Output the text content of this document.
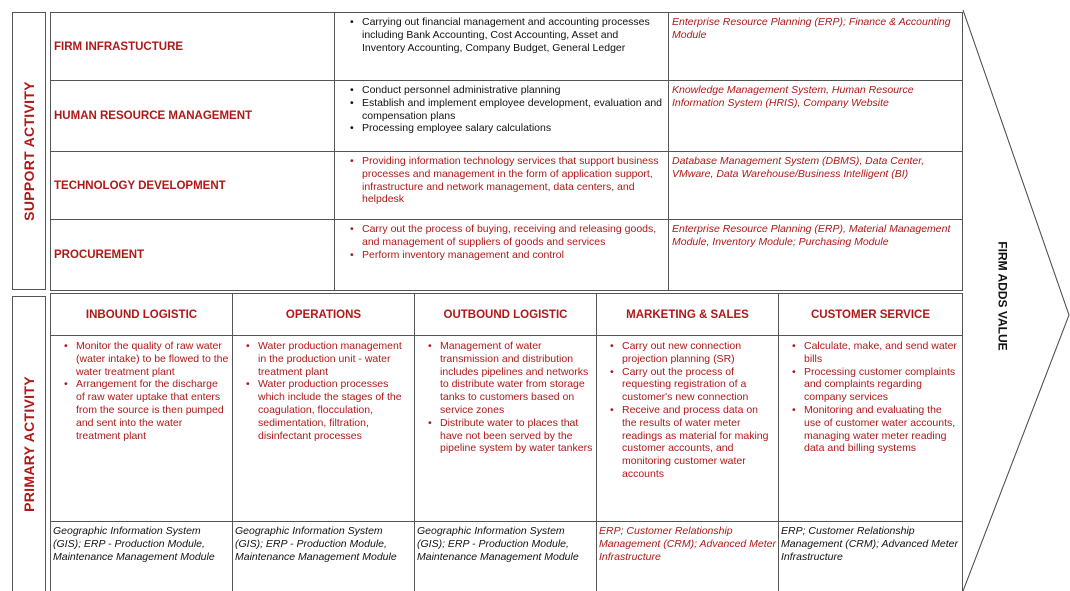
SUPPORT ACTIVITY
PRIMARY ACTIVITY
FIRM INFRASTUCTURE
• Carrying out financial management and accounting processes including Bank Accounting, Cost Accounting, Asset and Inventory Accounting, Company Budget, General Ledger
Enterprise Resource Planning (ERP); Finance & Accounting Module
HUMAN RESOURCE MANAGEMENT
• Conduct personnel administrative planning
• Establish and implement employee development, evaluation and compensation plans
• Processing employee salary calculations
Knowledge Management System, Human Resource Information System (HRIS), Company Website
TECHNOLOGY DEVELOPMENT
• Providing information technology services that support business processes and management in the form of application support, infrastructure and network management, data centers, and helpdesk
Database Management System (DBMS), Data Center, VMware, Data Warehouse/Business Intelligent (BI)
PROCUREMENT
• Carry out the process of buying, receiving and releasing goods, and management of suppliers of goods and services
• Perform inventory management and control
Enterprise Resource Planning (ERP), Material Management Module, Inventory Module; Purchasing Module
INBOUND LOGISTIC
• Monitor the quality of raw water (water intake) to be flowed to the water treatment plant
• Arrangement for the discharge of raw water uptake that enters from the source is then pumped and sent into the water treatment plant
Geographic Information System (GIS); ERP - Production Module, Maintenance Management Module
OPERATIONS
• Water production management in the production unit - water treatment plant
• Water production processes which include the stages of the coagulation, flocculation, sedimentation, filtration, disinfectant processes
Geographic Information System (GIS); ERP - Production Module, Maintenance Management Module
OUTBOUND LOGISTIC
• Management of water transmission and distribution includes pipelines and networks to distribute water from storage tanks to customers based on service zones
• Distribute water to places that have not been served by the pipeline system by water tankers
Geographic Information System (GIS); ERP - Production Module, Maintenance Management Module
MARKETING & SALES
• Carry out new connection projection planning (SR)
• Carry out the process of requesting registration of a customer's new connection
• Receive and process data on the results of water meter readings as material for making customer accounts, and monitoring customer water accounts
ERP; Customer Relationship Management (CRM); Advanced Meter Infrastructure
CUSTOMER SERVICE
• Calculate, make, and send water bills
• Processing customer complaints and complaints regarding company services
• Monitoring and evaluating the use of customer water accounts, managing water meter reading data and billing systems
ERP; Customer Relationship Management (CRM); Advanced Meter Infrastructure
FIRM ADDS VALUE
